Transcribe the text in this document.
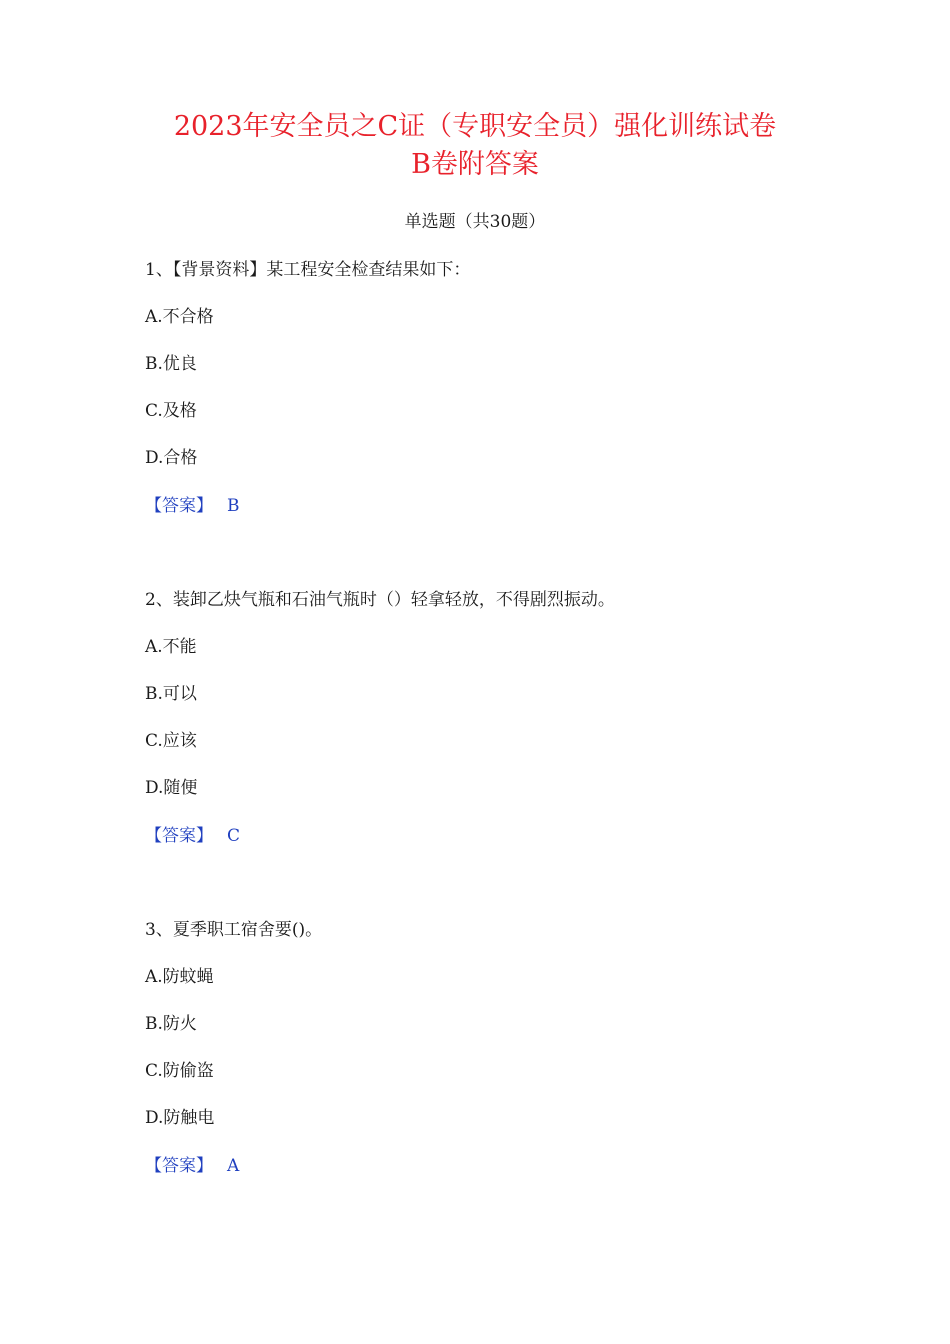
2023年安全员之C证（专职安全员）强化训练试卷
B卷附答案
单选题（共30题）
1、【背景资料】某工程安全检查结果如下：
A.不合格
B.优良
C.及格
D.合格
【答案】 B
2、装卸乙炔气瓶和石油气瓶时（）轻拿轻放，不得剧烈振动。
A.不能
B.可以
C.应该
D.随便
【答案】 C
3、夏季职工宿舍要()。
A.防蚊蝇
B.防火
C.防偷盗
D.防触电
【答案】 A
